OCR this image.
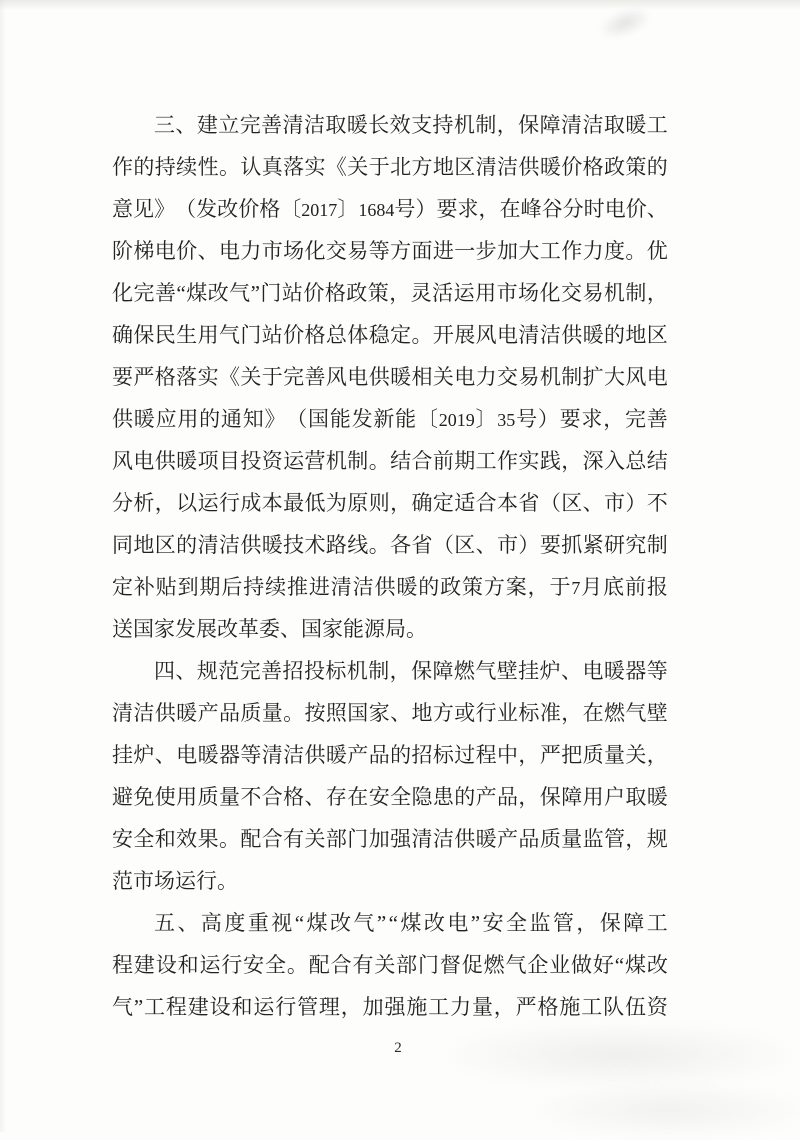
三 、 建 立 完 善 清 洁 取 暖 长 效 支 持 机 制 ， 保 障 清 洁 取 暖 工
作 的 持 续 性 。 认 真 落 实 《 关 于 北 方 地 区 清 洁 供 暖 价 格 政 策 的
意 见 》 （ 发 改 价 格 〔 2017 〕 1684 号 ） 要 求 ， 在 峰 谷 分 时 电 价 、
阶 梯 电 价 、 电 力 市 场 化 交 易 等 方 面 进 一 步 加 大 工 作 力 度 。 优
化 完 善 “ 煤 改 气 ” 门 站 价 格 政 策 ， 灵 活 运 用 市 场 化 交 易 机 制 ，
确 保 民 生 用 气 门 站 价 格 总 体 稳 定 。 开 展 风 电 清 洁 供 暖 的 地 区
要 严 格 落 实 《 关 于 完 善 风 电 供 暖 相 关 电 力 交 易 机 制 扩 大 风 电
供 暖 应 用 的 通 知 》 （ 国 能 发 新 能 〔 2019 〕 35 号 ） 要 求 ， 完 善
风 电 供 暖 项 目 投 资 运 营 机 制 。 结 合 前 期 工 作 实 践 ， 深 入 总 结
分 析 ， 以 运 行 成 本 最 低 为 原 则 ， 确 定 适 合 本 省 （ 区 、 市 ） 不
同 地 区 的 清 洁 供 暖 技 术 路 线 。 各 省 （ 区 、 市 ） 要 抓 紧 研 究 制
定 补 贴 到 期 后 持 续 推 进 清 洁 供 暖 的 政 策 方 案 ， 于 7 月 底 前 报
送 国 家 发 展 改 革 委 、 国 家 能 源 局 。
四 、 规 范 完 善 招 投 标 机 制 ， 保 障 燃 气 壁 挂 炉 、 电 暖 器 等
清 洁 供 暖 产 品 质 量 。 按 照 国 家 、 地 方 或 行 业 标 准 ， 在 燃 气 壁
挂 炉 、 电 暖 器 等 清 洁 供 暖 产 品 的 招 标 过 程 中 ， 严 把 质 量 关 ，
避 免 使 用 质 量 不 合 格 、 存 在 安 全 隐 患 的 产 品 ， 保 障 用 户 取 暖
安 全 和 效 果 。 配 合 有 关 部 门 加 强 清 洁 供 暖 产 品 质 量 监 管 ， 规
范 市 场 运 行 。
五 、 高 度 重 视 “ 煤 改 气 ” “ 煤 改 电 ” 安 全 监 管 ， 保 障 工
程 建 设 和 运 行 安 全 。 配 合 有 关 部 门 督 促 燃 气 企 业 做 好 “ 煤 改
气 ” 工 程 建 设 和 运 行 管 理 ， 加 强 施 工 力 量 ， 严 格 施 工 队 伍 资
2
